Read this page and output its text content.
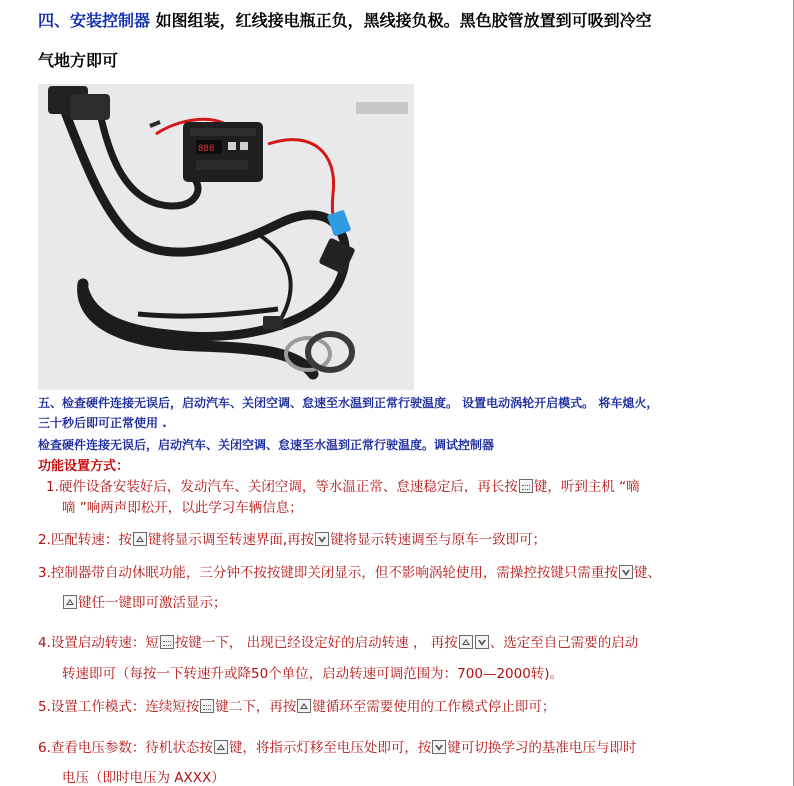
四、安装控制器 如图组装，红线接电瓶正负，黑线接负极。黑色胶管放置到可吸到冷空
气地方即可
888
五、检查硬件连接无误后，启动汽车、关闭空调、怠速至水温到正常行驶温度。 设置电动涡轮开启模式。 将车熄火，
三十秒后即可正常使用 .
检查硬件连接无误后，启动汽车、关闭空调、怠速至水温到正常行驶温度。调试控制器
功能设置方式：
1.硬件设备安装好后，发动汽车、关闭空调，等水温正常、怠速稳定后，再长按 键，听到主机 “嘀
嘀 ”响两声即松开，以此学习车辆信息；
2.匹配转速：按 键将显示调至转速界面,再按 键将显示转速调至与原车一致即可；
3.控制器带自动休眠功能，三分钟不按按键即关闭显示，但不影响涡轮使用，需操控按键只需重按 键、
键任一键即可激活显示；
4.设置启动转速：短 按键一下， 出现已经设定好的启动转速 ， 再按 、选定至自己需要的启动
转速即可（每按一下转速升或降50个单位，启动转速可调范围为：700—2000转)。
5.设置工作模式：连续短按 键二下，再按 键循环至需要使用的工作模式停止即可；
6.查看电压参数：待机状态按 键，将指示灯移至电压处即可，按 键可切换学习的基准电压与即时
电压（即时电压为 AXXX）
